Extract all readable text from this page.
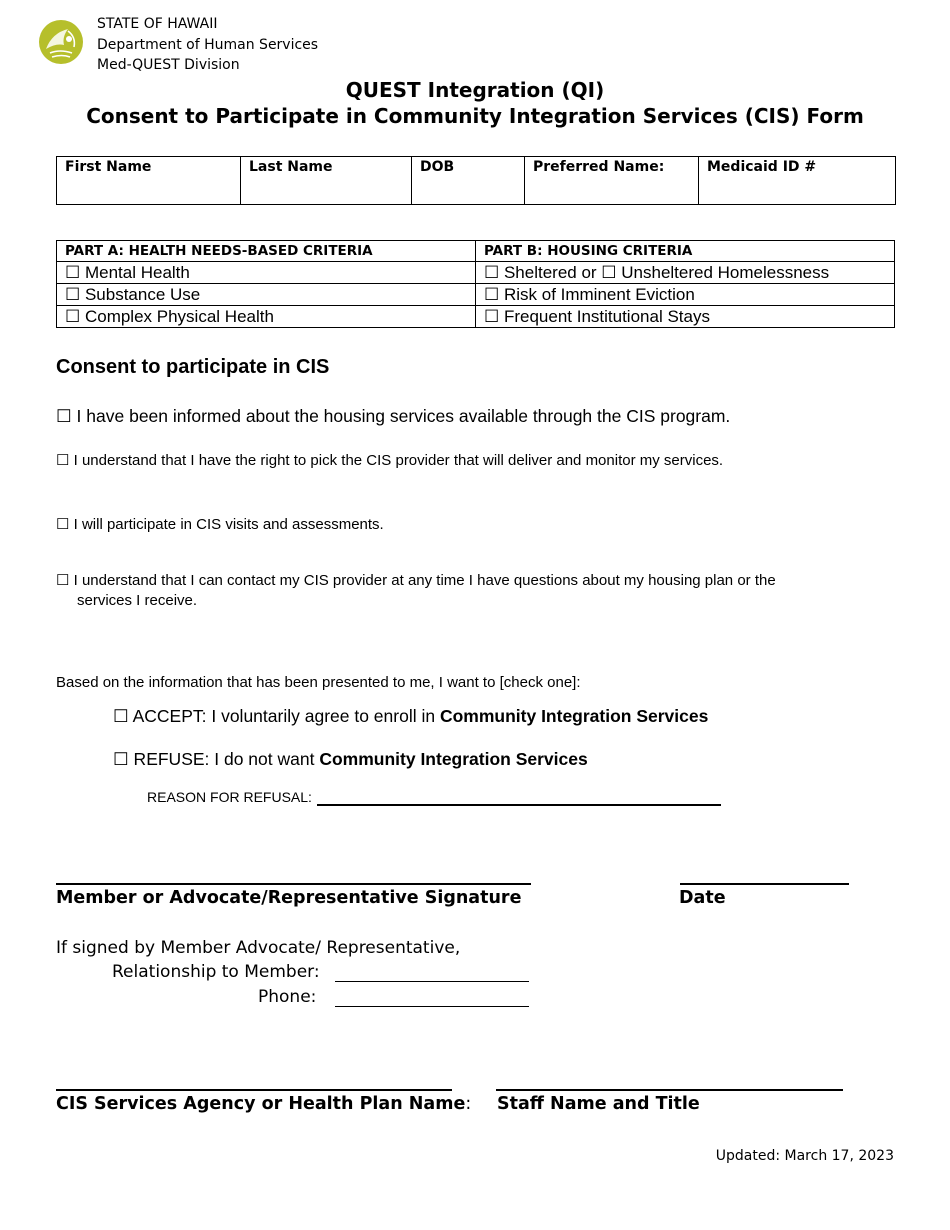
STATE OF HAWAII
Department of Human Services
Med-QUEST Division
QUEST Integration (QI)
Consent to Participate in Community Integration Services (CIS) Form
First Name	Last Name	DOB	Preferred Name:	Medicaid ID #
PART A: HEALTH NEEDS-BASED CRITERIA	PART B: HOUSING CRITERIA
☐ Mental Health	☐ Sheltered or ☐ Unsheltered Homelessness
☐ Substance Use	☐ Risk of Imminent Eviction
☐ Complex Physical Health	☐ Frequent Institutional Stays
Consent to participate in CIS
☐ I have been informed about the housing services available through the CIS program.
☐ I understand that I have the right to pick the CIS provider that will deliver and monitor my services.
☐ I will participate in CIS visits and assessments.
☐ I understand that I can contact my CIS provider at any time I have questions about my housing plan or the
services I receive.
Based on the information that has been presented to me, I want to [check one]:
☐ ACCEPT: I voluntarily agree to enroll in Community Integration Services
☐ REFUSE: I do not want Community Integration Services
REASON FOR REFUSAL:
Member or Advocate/Representative Signature	Date
If signed by Member Advocate/ Representative,
Relationship to Member:
Phone:
CIS Services Agency or Health Plan Name: Staff Name and Title
Updated: March 17, 2023
